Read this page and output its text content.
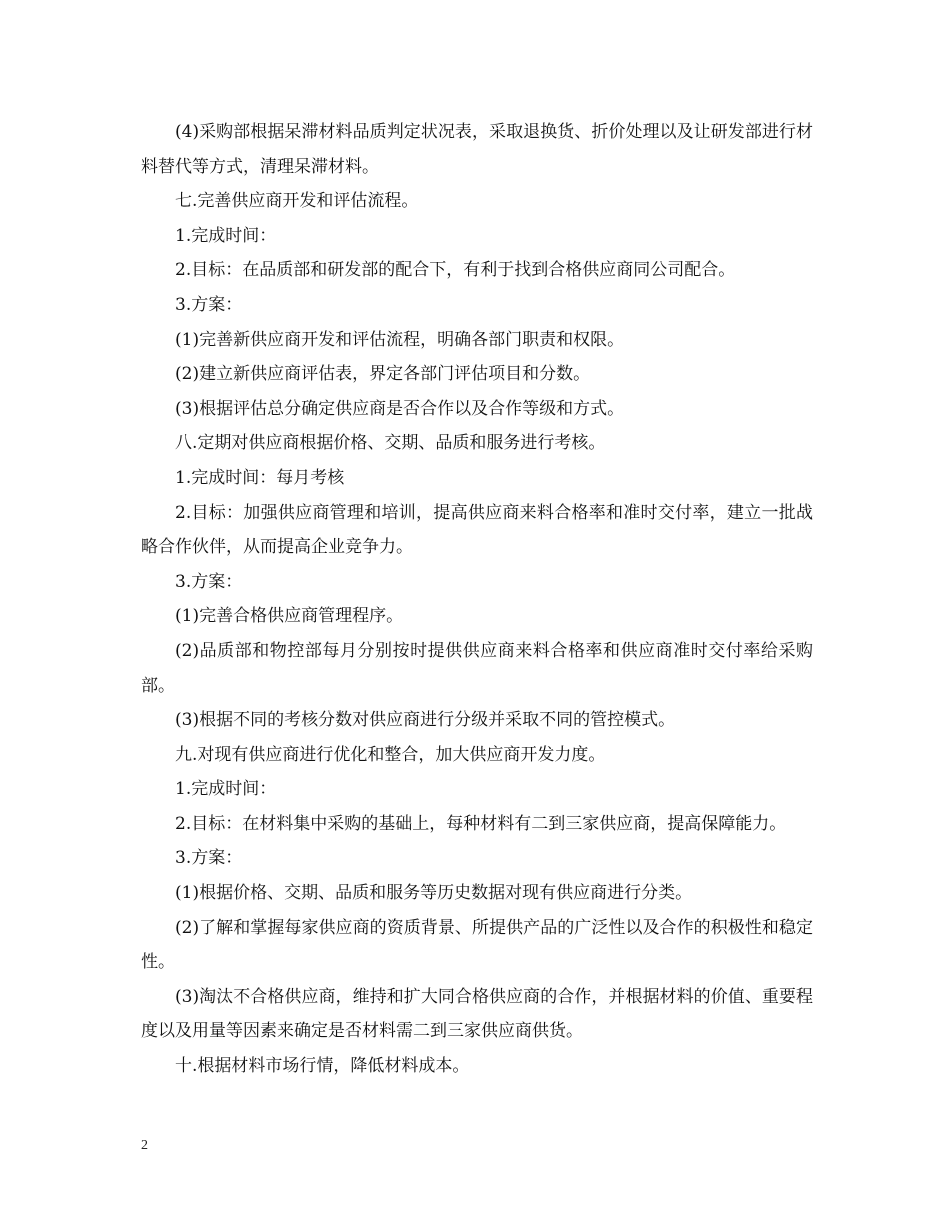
(4)采购部根据呆滞材料品质判定状况表，采取退换货、折价处理以及让研发部进行材料替代等方式，清理呆滞材料。

七.完善供应商开发和评估流程。

1.完成时间：

2.目标：在品质部和研发部的配合下，有利于找到合格供应商同公司配合。

3.方案：

(1)完善新供应商开发和评估流程，明确各部门职责和权限。

(2)建立新供应商评估表，界定各部门评估项目和分数。

(3)根据评估总分确定供应商是否合作以及合作等级和方式。

八.定期对供应商根据价格、交期、品质和服务进行考核。

1.完成时间：每月考核

2.目标：加强供应商管理和培训，提高供应商来料合格率和准时交付率，建立一批战略合作伙伴，从而提高企业竞争力。

3.方案：

(1)完善合格供应商管理程序。

(2)品质部和物控部每月分别按时提供供应商来料合格率和供应商准时交付率给采购部。

(3)根据不同的考核分数对供应商进行分级并采取不同的管控模式。

九.对现有供应商进行优化和整合，加大供应商开发力度。

1.完成时间：

2.目标：在材料集中采购的基础上，每种材料有二到三家供应商，提高保障能力。

3.方案：

(1)根据价格、交期、品质和服务等历史数据对现有供应商进行分类。

(2)了解和掌握每家供应商的资质背景、所提供产品的广泛性以及合作的积极性和稳定性。

(3)淘汰不合格供应商，维持和扩大同合格供应商的合作，并根据材料的价值、重要程度以及用量等因素来确定是否材料需二到三家供应商供货。

十.根据材料市场行情，降低材料成本。

2
